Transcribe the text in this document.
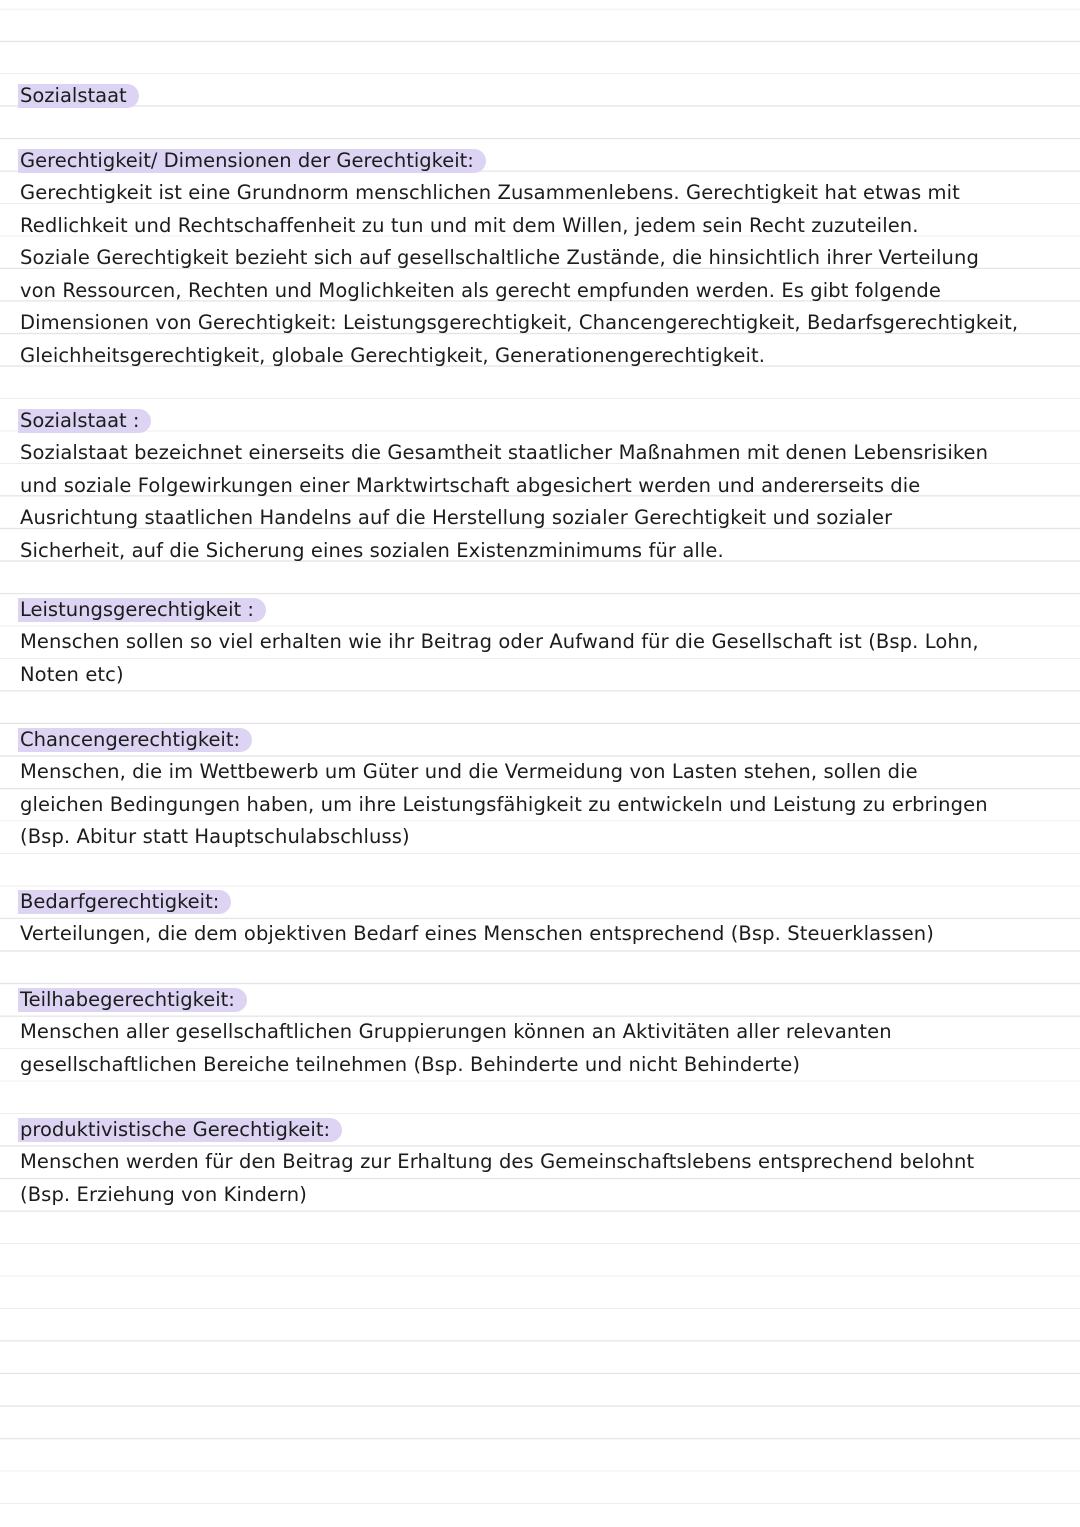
Sozialstaat
Gerechtigkeit/ Dimensionen der Gerechtigkeit:
Gerechtigkeit ist eine Grundnorm menschlichen Zusammenlebens. Gerechtigkeit hat etwas mit
Redlichkeit und Rechtschaffenheit zu tun und mit dem Willen, jedem sein Recht zuzuteilen.
Soziale Gerechtigkeit bezieht sich auf gesellschaltliche Zustände, die hinsichtlich ihrer Verteilung
von Ressourcen, Rechten und Moglichkeiten als gerecht empfunden werden. Es gibt folgende
Dimensionen von Gerechtigkeit: Leistungsgerechtigkeit, Chancengerechtigkeit, Bedarfsgerechtigkeit,
Gleichheitsgerechtigkeit, globale Gerechtigkeit, Generationengerechtigkeit.
Sozialstaat :
Sozialstaat bezeichnet einerseits die Gesamtheit staatlicher Maßnahmen mit denen Lebensrisiken
und soziale Folgewirkungen einer Marktwirtschaft abgesichert werden und andererseits die
Ausrichtung staatlichen Handelns auf die Herstellung sozialer Gerechtigkeit und sozialer
Sicherheit, auf die Sicherung eines sozialen Existenzminimums für alle.
Leistungsgerechtigkeit :
Menschen sollen so viel erhalten wie ihr Beitrag oder Aufwand für die Gesellschaft ist (Bsp. Lohn,
Noten etc)
Chancengerechtigkeit:
Menschen, die im Wettbewerb um Güter und die Vermeidung von Lasten stehen, sollen die
gleichen Bedingungen haben, um ihre Leistungsfähigkeit zu entwickeln und Leistung zu erbringen
(Bsp. Abitur statt Hauptschulabschluss)
Bedarfgerechtigkeit:
Verteilungen, die dem objektiven Bedarf eines Menschen entsprechend (Bsp. Steuerklassen)
Teilhabegerechtigkeit:
Menschen aller gesellschaftlichen Gruppierungen können an Aktivitäten aller relevanten
gesellschaftlichen Bereiche teilnehmen (Bsp. Behinderte und nicht Behinderte)
produktivistische Gerechtigkeit:
Menschen werden für den Beitrag zur Erhaltung des Gemeinschaftslebens entsprechend belohnt
(Bsp. Erziehung von Kindern)
